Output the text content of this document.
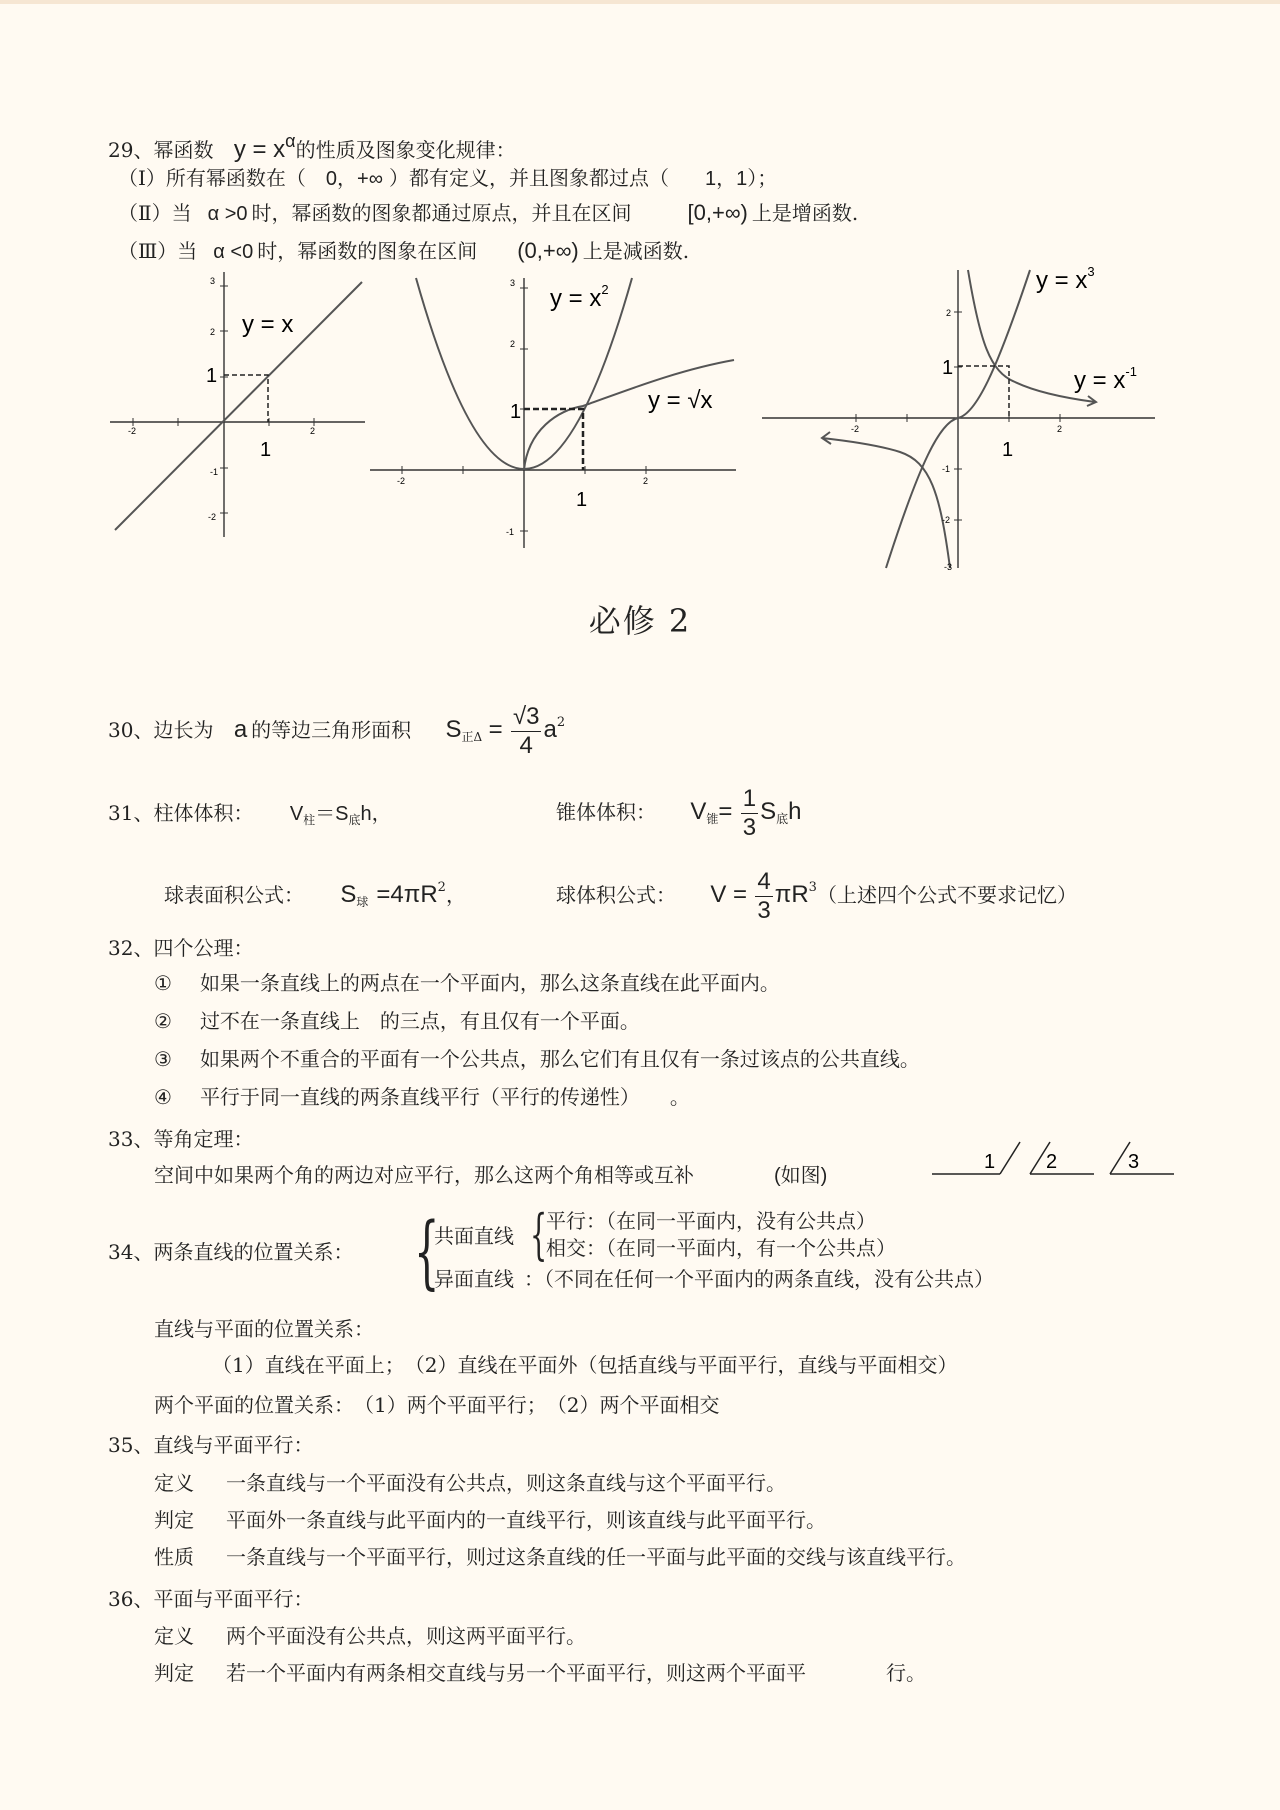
29、幂函数 y = xα的性质及图象变化规律：
（Ⅰ）所有幂函数在（ 0，+∞ ）都有定义，并且图象都过点（ 1，1）；
（Ⅱ）当 α >0 时，幂函数的图象都通过原点，并且在区间	[0,+∞) 上是增函数.
（Ⅲ）当 α <0 时，幂函数的图象在区间 (0,+∞) 上是减函数.
3
2
-1
-2
-2	2
1
1
y = x
3
2
-1
-2	2
1
1
$y = x^2$
y = √x
2
-1
-2
-3
-2	2
1
1
$y = x^3$
$y = x^{-1}$
必修 2
30、边长为 a 的等边三角形面积 $S_{正\Delta} = \frac{√3}{4} a^2$
31、柱体体积： $V_柱=S_底h$，	锥体体积： $V_锥= \frac{1}{3} S_底h$
球表面积公式： $S_球 =4\pi R^2$，	球体积公式： $V = \frac{4}{3} \pi R^3$（上述四个公式不要求记忆）
32、四个公理：
① 如果一条直线上的两点在一个平面内，那么这条直线在此平面内。
② 过不在一条直线上　的三点，有且仅有一个平面。
③ 如果两个不重合的平面有一个公共点，那么它们有且仅有一条过该点的公共直线。
④ 平行于同一直线的两条直线平行（平行的传递性）　　。
33、等角定理：
空间中如果两个角的两边对应平行，那么这两个角相等或互补	(如图)
1	2	3
34、两条直线的位置关系： {
共面直线 {
平行：（在同一平面内，没有公共点）
相交：（在同一平面内，有一个公共点）
异面直线 ：（不同在任何一个平面内的两条直线，没有公共点）
直线与平面的位置关系：
（1）直线在平面上；　（2）直线在平面外（包括直线与平面平行，直线与平面相交）
两个平面的位置关系：　（1）两个平面平行；　（2）两个平面相交
35、直线与平面平行：
定义 一条直线与一个平面没有公共点，则这条直线与这个平面平行。
判定 平面外一条直线与此平面内的一直线平行，则该直线与此平面平行。
性质 一条直线与一个平面平行，则过这条直线的任一平面与此平面的交线与该直线平行。
36、平面与平面平行：
定义 两个平面没有公共点，则这两平面平行。
判定 若一个平面内有两条相交直线与另一个平面平行，则这两个平面平　　　　行。
